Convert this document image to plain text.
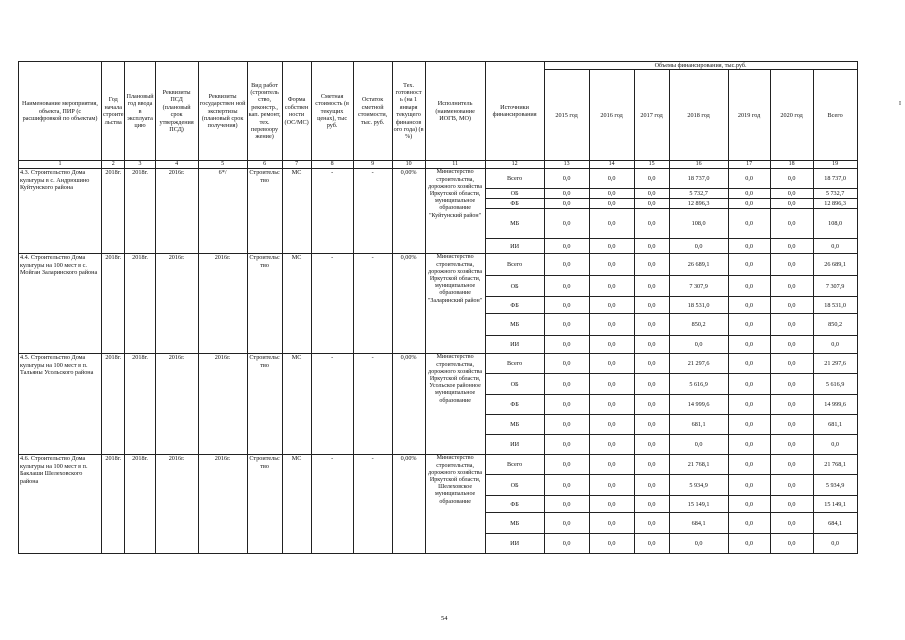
Наименование мероприятия, объекта, ПИР (с расшифровкой по объектам)	Год начала строите льства	Плановый год ввода в эксплуата цию	Реквизиты ПСД (плановый срок утверждения ПСД)	Реквизиты государствен ной экспертизы (плановый срок получения)	Вид работ (строитель ство, реконстр., кап. ремонт, тех. перевоору жение)	Форма собствен ности (ОС/МС)	Сметная стоимость (в текущих ценах), тыс руб.	Остаток сметной стоимости, тыс. руб.	Тех. готовност ь (на 1 января текущего финансов ого года) (в %)	Исполнитель (наименование ИОГВ, МО)	Источники финансирования	Объемы финансирования, тыс.руб.						
												2015 год	2016 год	2017 год	2018 год	2019 год	2020 год	Всего
1	2	3	4	5	6	7	8	9	10	11	12	13	14	15	16	17	18	19
4.3. Строительство Дома культуры в с. Андрюшино Куйтунского района	2018г.	2018г.	2016г.	6*/	Строительс тво	МС	-	-	0,00%	Министерство строительства, дорожного хозяйства Иркутской области, муниципальное образование "Куйтунский район"	Всего	0,0	0,0	0,0	18 737,0	0,0	0,0	18 737,0
											ОБ	0,0	0,0	0,0	5 732,7	0,0	0,0	5 732,7
											ФБ	0,0	0,0	0,0	12 896,3	0,0	0,0	12 896,3
											МБ	0,0	0,0	0,0	108,0	0,0	0,0	108,0
											ИИ	0,0	0,0	0,0	0,0	0,0	0,0	0,0
4.4. Строительство Дома культуры на 100 мест в с. Мойган Заларинского района	2018г.	2018г.	2016г.	2016г.	Строительс тво	МС	-	-	0,00%	Министерство строительства, дорожного хозяйства Иркутской области, муниципальное образование "Заларинский район"	Всего	0,0	0,0	0,0	26 689,1	0,0	0,0	26 689,1
											ОБ	0,0	0,0	0,0	7 307,9	0,0	0,0	7 307,9
											ФБ	0,0	0,0	0,0	18 531,0	0,0	0,0	18 531,0
											МБ	0,0	0,0	0,0	850,2	0,0	0,0	850,2
											ИИ	0,0	0,0	0,0	0,0	0,0	0,0	0,0
4.5. Строительство Дома культуры на 100 мест в п. Тальяны Усольского района	2018г.	2018г.	2016г.	2016г.	Строительс тво	МС	-	-	0,00%	Министерство строительства, дорожного хозяйства Иркутской области, Усольское районное муниципальное образование	Всего	0,0	0,0	0,0	21 297,6	0,0	0,0	21 297,6
											ОБ	0,0	0,0	0,0	5 616,9	0,0	0,0	5 616,9
											ФБ	0,0	0,0	0,0	14 999,6	0,0	0,0	14 999,6
											МБ	0,0	0,0	0,0	681,1	0,0	0,0	681,1
											ИИ	0,0	0,0	0,0	0,0	0,0	0,0	0,0
4.6. Строительство Дома культуры на 100 мест в п. Баклаши Шелеховского района	2018г.	2018г.	2016г.	2016г.	Строительс тво	МС	-	-	0,00%	Министерство строительства, дорожного хозяйства Иркутской области, Шелеховское муниципальное образование	Всего	0,0	0,0	0,0	21 768,1	0,0	0,0	21 768,1
											ОБ	0,0	0,0	0,0	5 934,9	0,0	0,0	5 934,9
											ФБ	0,0	0,0	0,0	15 149,1	0,0	0,0	15 149,1
											МБ	0,0	0,0	0,0	684,1	0,0	0,0	684,1
											ИИ	0,0	0,0	0,0	0,0	0,0	0,0	0,0
54
I
